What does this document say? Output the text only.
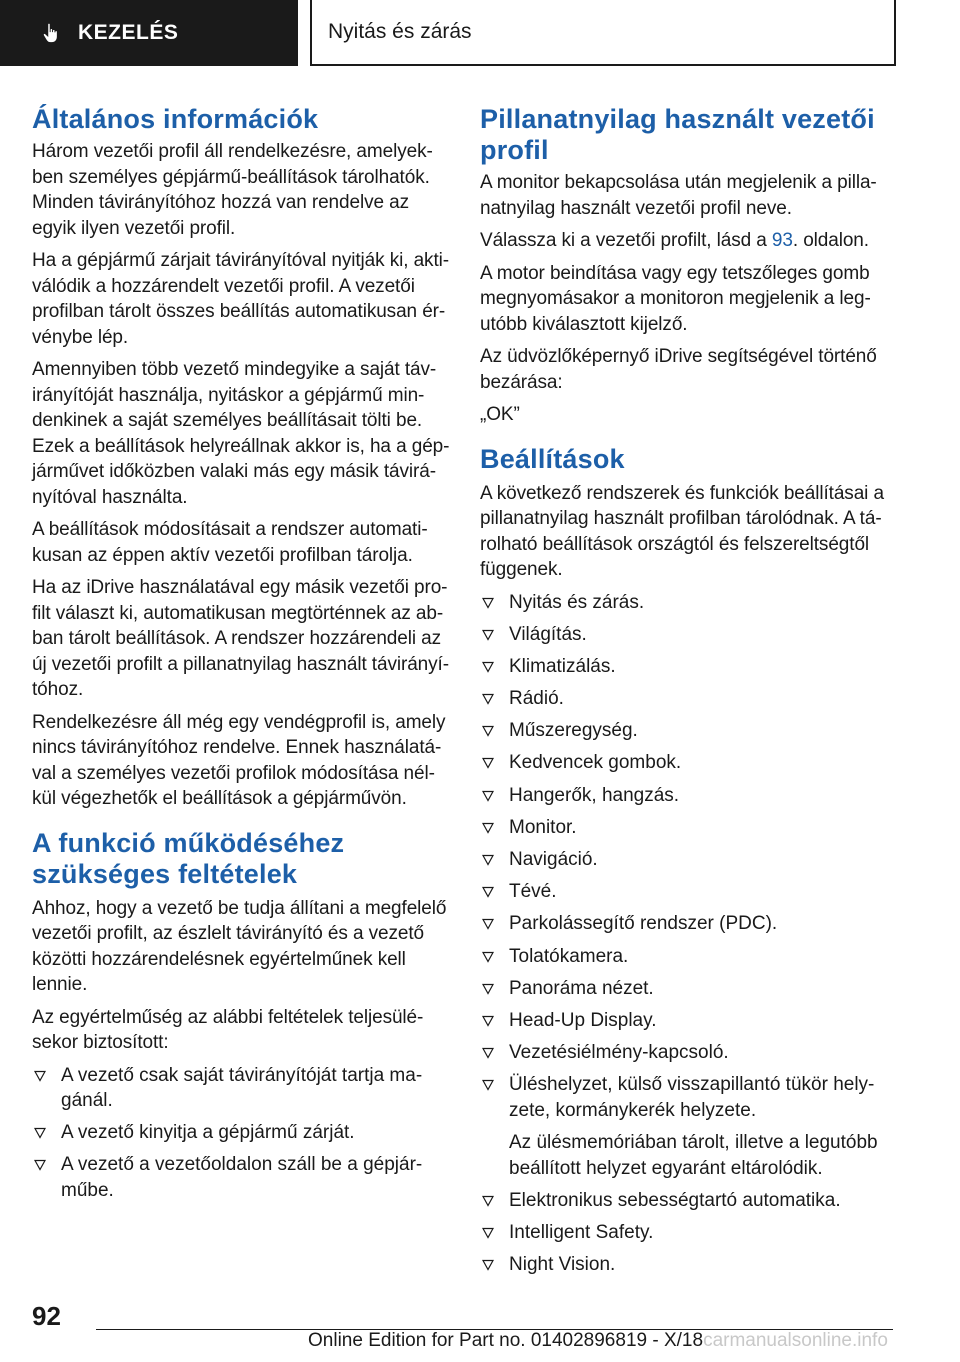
KEZELÉS	Nyitás és zárás
Általános információk

Három vezetői profil áll rendelkezésre, amelyek-ben személyes gépjármű-beállítások tárolhatók. Minden távirányítóhoz hozzá van rendelve az egyik ilyen vezetői profil.

Ha a gépjármű zárjait távirányítóval nyitják ki, akti-válódik a hozzárendelt vezetői profil. A vezetői profilban tárolt összes beállítás automatikusan ér-vénybe lép.

Amennyiben több vezető mindegyike a saját táv-irányítóját használja, nyitáskor a gépjármű min-denkinek a saját személyes beállításait tölti be. Ezek a beállítások helyreállnak akkor is, ha a gép-járművet időközben valaki más egy másik távirá-nyítóval használta.

A beállítások módosításait a rendszer automati-kusan az éppen aktív vezetői profilban tárolja.

Ha az iDrive használatával egy másik vezetői pro-filt választ ki, automatikusan megtörténnek az ab-ban tárolt beállítások. A rendszer hozzárendeli az új vezetői profilt a pillanatnyilag használt távirányí-tóhoz.

Rendelkezésre áll még egy vendégprofil is, amely nincs távirányítóhoz rendelve. Ennek használatá-val a személyes vezetői profilok módosítása nél-kül végezhetők el beállítások a gépjárművön.

A funkció működéséhez szükséges feltételek

Ahhoz, hogy a vezető be tudja állítani a megfelelő vezetői profilt, az észlelt távirányító és a vezető közötti hozzárendelésnek egyértelműnek kell lennie.

Az egyértelműség az alábbi feltételek teljesülé-sekor biztosított:

A vezető csak saját távirányítóját tartja ma-gánál.
A vezető kinyitja a gépjármű zárját.
A vezető a vezetőoldalon száll be a gépjár-műbe.
Pillanatnyilag használt vezetői profil

A monitor bekapcsolása után megjelenik a pilla-natnyilag használt vezetői profil neve.

Válassza ki a vezetői profilt, lásd a 93. oldalon.

A motor beindítása vagy egy tetszőleges gomb megnyomásakor a monitoron megjelenik a leg-utóbb kiválasztott kijelző.

Az üdvözlőképernyő iDrive segítségével történő bezárása:

„OK”

Beállítások

A következő rendszerek és funkciók beállításai a pillanatnyilag használt profilban tárolódnak. A tá-rolható beállítások országtól és felszereltségtől függenek.

Nyitás és zárás.
Világítás.
Klimatizálás.
Rádió.
Műszeregység.
Kedvencek gombok.
Hangerők, hangzás.
Monitor.
Navigáció.
Tévé.
Parkolássegítő rendszer (PDC).
Tolatókamera.
Panoráma nézet.
Head-Up Display.
Vezetésiélmény-kapcsoló.
Üléshelyzet, külső visszapillantó tükör hely-zete, kormánykerék helyzete.
Az ülésmemóriában tárolt, illetve a legutóbb beállított helyzet egyaránt eltárolódik.
Elektronikus sebességtartó automatika.
Intelligent Safety.
Night Vision.
92
Online Edition for Part no. 01402896819 - X/18carmanualsonline.info
